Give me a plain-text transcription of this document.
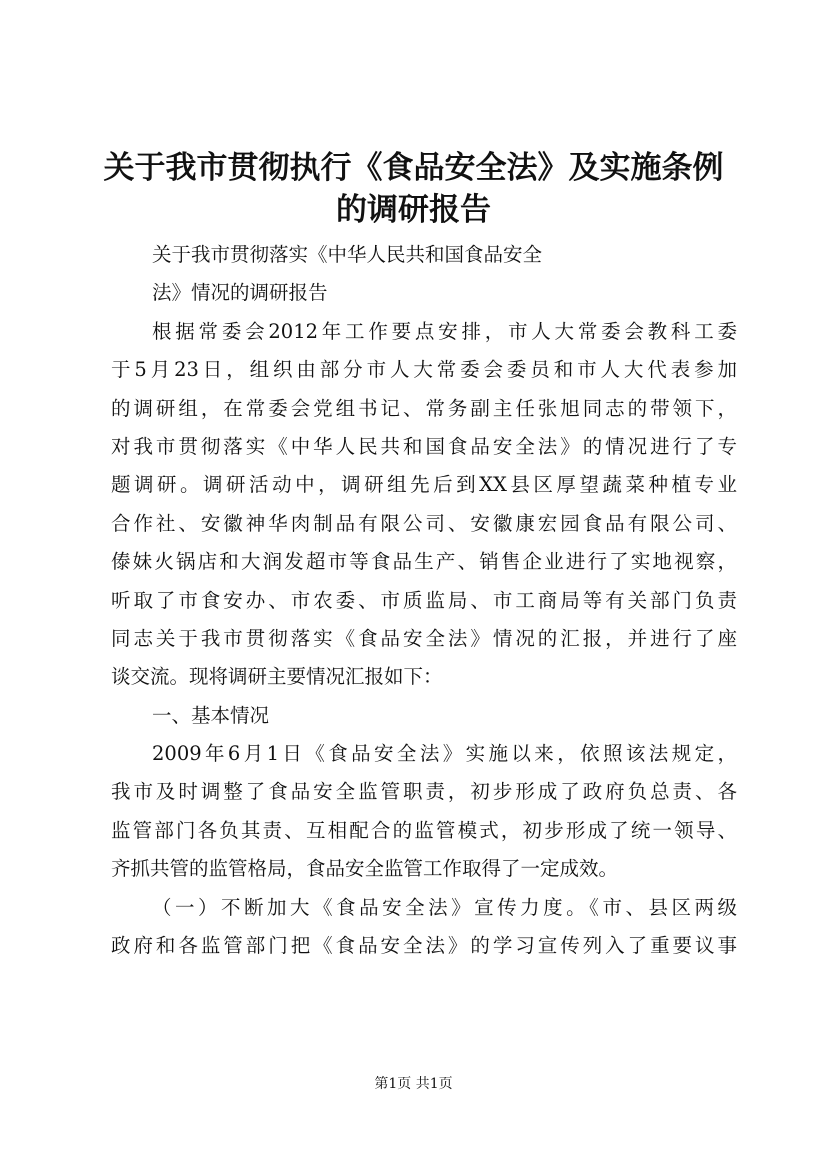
关于我市贯彻执行《食品安全法》及实施条例
的调研报告

关于我市贯彻落实《中华人民共和国食品安全

法》情况的调研报告

根据常委会2012年工作要点安排，市人大常委会教科工委

于5月23日，组织由部分市人大常委会委员和市人大代表参加

的调研组，在常委会党组书记、常务副主任张旭同志的带领下，

对我市贯彻落实《中华人民共和国食品安全法》的情况进行了专

题调研。调研活动中，调研组先后到XX县区厚望蔬菜种植专业

合作社、安徽神华肉制品有限公司、安徽康宏园食品有限公司、

傣妹火锅店和大润发超市等食品生产、销售企业进行了实地视察，

听取了市食安办、市农委、市质监局、市工商局等有关部门负责

同志关于我市贯彻落实《食品安全法》情况的汇报，并进行了座

谈交流。现将调研主要情况汇报如下：

一、基本情况

2009年6月1日《食品安全法》实施以来，依照该法规定，

我市及时调整了食品安全监管职责，初步形成了政府负总责、各

监管部门各负其责、互相配合的监管模式，初步形成了统一领导、

齐抓共管的监管格局，食品安全监管工作取得了一定成效。

（一）不断加大《食品安全法》宣传力度。《市、县区两级

政府和各监管部门把《食品安全法》的学习宣传列入了重要议事

第1页 共1页
